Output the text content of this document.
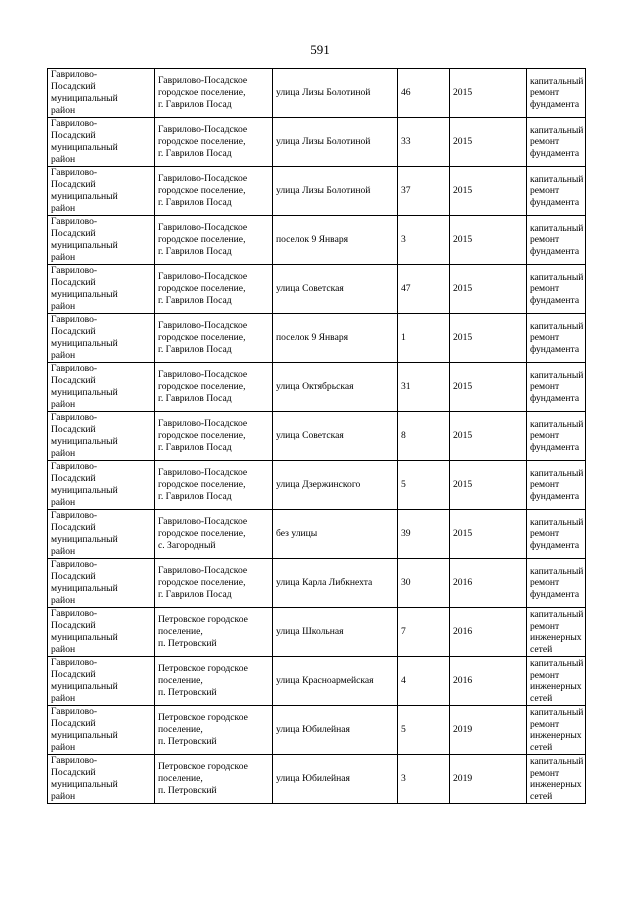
591
Гаврилово-
Посадский
муниципальный
район	Гаврилово-Посадское
городское поселение,
г. Гаврилов Посад	улица Лизы Болотиной	46	2015	капитальный
ремонт
фундамента

Гаврилово-
Посадский
муниципальный
район	Гаврилово-Посадское
городское поселение,
г. Гаврилов Посад	улица Лизы Болотиной	33	2015	капитальный
ремонт
фундамента

Гаврилово-
Посадский
муниципальный
район	Гаврилово-Посадское
городское поселение,
г. Гаврилов Посад	улица Лизы Болотиной	37	2015	капитальный
ремонт
фундамента

Гаврилово-
Посадский
муниципальный
район	Гаврилово-Посадское
городское поселение,
г. Гаврилов Посад	поселок 9 Января	3	2015	капитальный
ремонт
фундамента

Гаврилово-
Посадский
муниципальный
район	Гаврилово-Посадское
городское поселение,
г. Гаврилов Посад	улица Советская	47	2015	капитальный
ремонт
фундамента

Гаврилово-
Посадский
муниципальный
район	Гаврилово-Посадское
городское поселение,
г. Гаврилов Посад	поселок 9 Января	1	2015	капитальный
ремонт
фундамента

Гаврилово-
Посадский
муниципальный
район	Гаврилово-Посадское
городское поселение,
г. Гаврилов Посад	улица Октябрьская	31	2015	капитальный
ремонт
фундамента

Гаврилово-
Посадский
муниципальный
район	Гаврилово-Посадское
городское поселение,
г. Гаврилов Посад	улица Советская	8	2015	капитальный
ремонт
фундамента

Гаврилово-
Посадский
муниципальный
район	Гаврилово-Посадское
городское поселение,
г. Гаврилов Посад	улица Дзержинского	5	2015	капитальный
ремонт
фундамента

Гаврилово-
Посадский
муниципальный
район	Гаврилово-Посадское
городское поселение,
с. Загородный	без улицы	39	2015	капитальный
ремонт
фундамента

Гаврилово-
Посадский
муниципальный
район	Гаврилово-Посадское
городское поселение,
г. Гаврилов Посад	улица Карла Либкнехта	30	2016	капитальный
ремонт
фундамента

Гаврилово-
Посадский
муниципальный
район	Петровское городское
поселение,
п. Петровский	улица Школьная	7	2016	капитальный
ремонт
инженерных
сетей

Гаврилово-
Посадский
муниципальный
район	Петровское городское
поселение,
п. Петровский	улица Красноармейская	4	2016	капитальный
ремонт
инженерных
сетей

Гаврилово-
Посадский
муниципальный
район	Петровское городское
поселение,
п. Петровский	улица Юбилейная	5	2019	капитальный
ремонт
инженерных
сетей

Гаврилово-
Посадский
муниципальный
район	Петровское городское
поселение,
п. Петровский	улица Юбилейная	3	2019	капитальный
ремонт
инженерных
сетей
